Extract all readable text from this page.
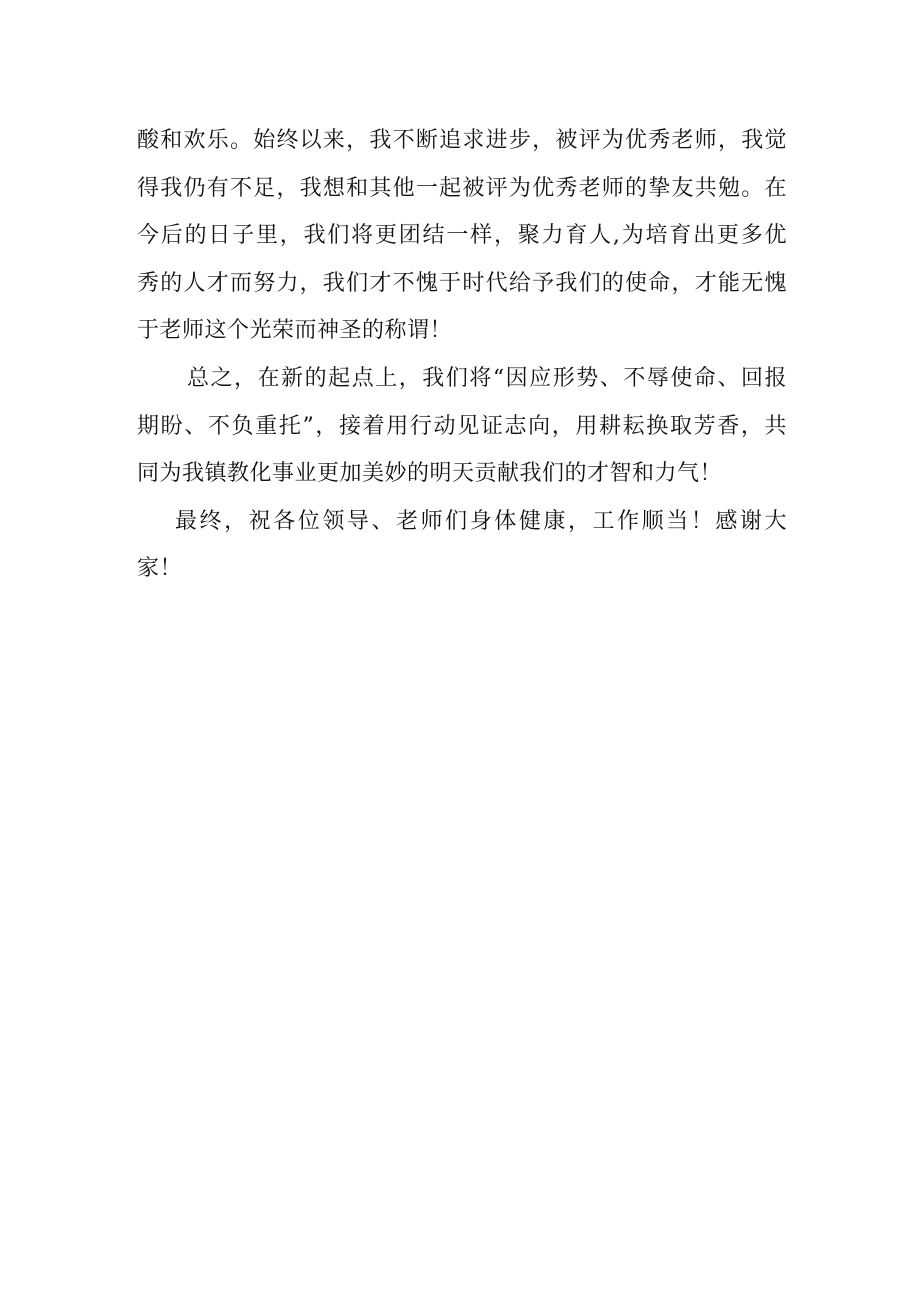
酸和欢乐。始终以来，我不断追求进步，被评为优秀老师，我觉
得我仍有不足，我想和其他一起被评为优秀老师的挚友共勉。在
今后的日子里，我们将更团结一样，聚力育人,为培育出更多优
秀的人才而努力，我们才不愧于时代给予我们的使命，才能无愧
于老师这个光荣而神圣的称谓！
总之，在新的起点上，我们将“因应形势、不辱使命、回报
期盼、不负重托”，接着用行动见证志向，用耕耘换取芳香，共
同为我镇教化事业更加美妙的明天贡献我们的才智和力气！
最终，祝各位领导、老师们身体健康，工作顺当！感谢大
家！
